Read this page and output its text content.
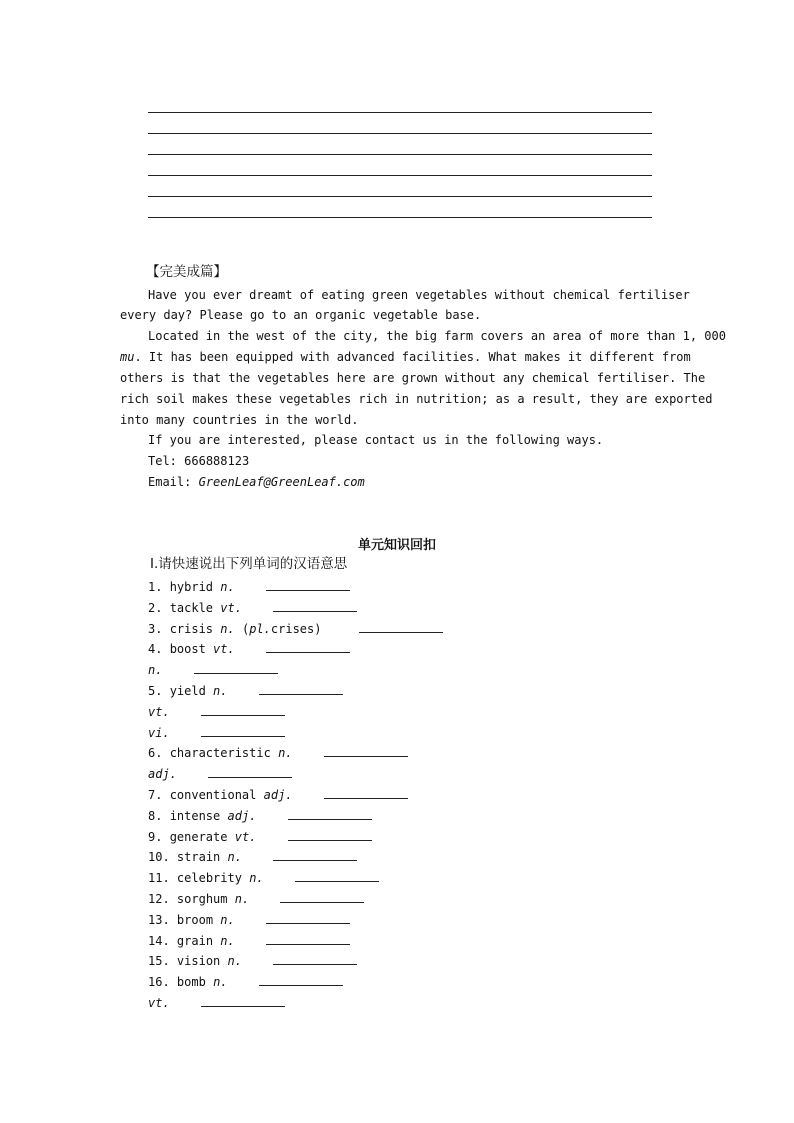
【完美成篇】
Have you ever dreamt of eating green vegetables without chemical fertiliser
every day? Please go to an organic vegetable base.
Located in the west of the city, the big farm covers an area of more than 1, 000
mu. It has been equipped with advanced facilities. What makes it different from
others is that the vegetables here are grown without any chemical fertiliser. The
rich soil makes these vegetables rich in nutrition; as a result, they are exported
into many countries in the world.
If you are interested, please contact us in the following ways.
Tel: 666888123
Email: GreenLeaf@GreenLeaf.com
单元知识回扣
Ⅰ.请快速说出下列单词的汉语意思
1. hybrid n.
2. tackle vt.
3. crisis n. (pl.crises)
4. boost vt.
n.
5. yield n.
vt.
vi.
6. characteristic n.
adj.
7. conventional adj.
8. intense adj.
9. generate vt.
10. strain n.
11. celebrity n.
12. sorghum n.
13. broom n.
14. grain n.
15. vision n.
16. bomb n.
vt.
